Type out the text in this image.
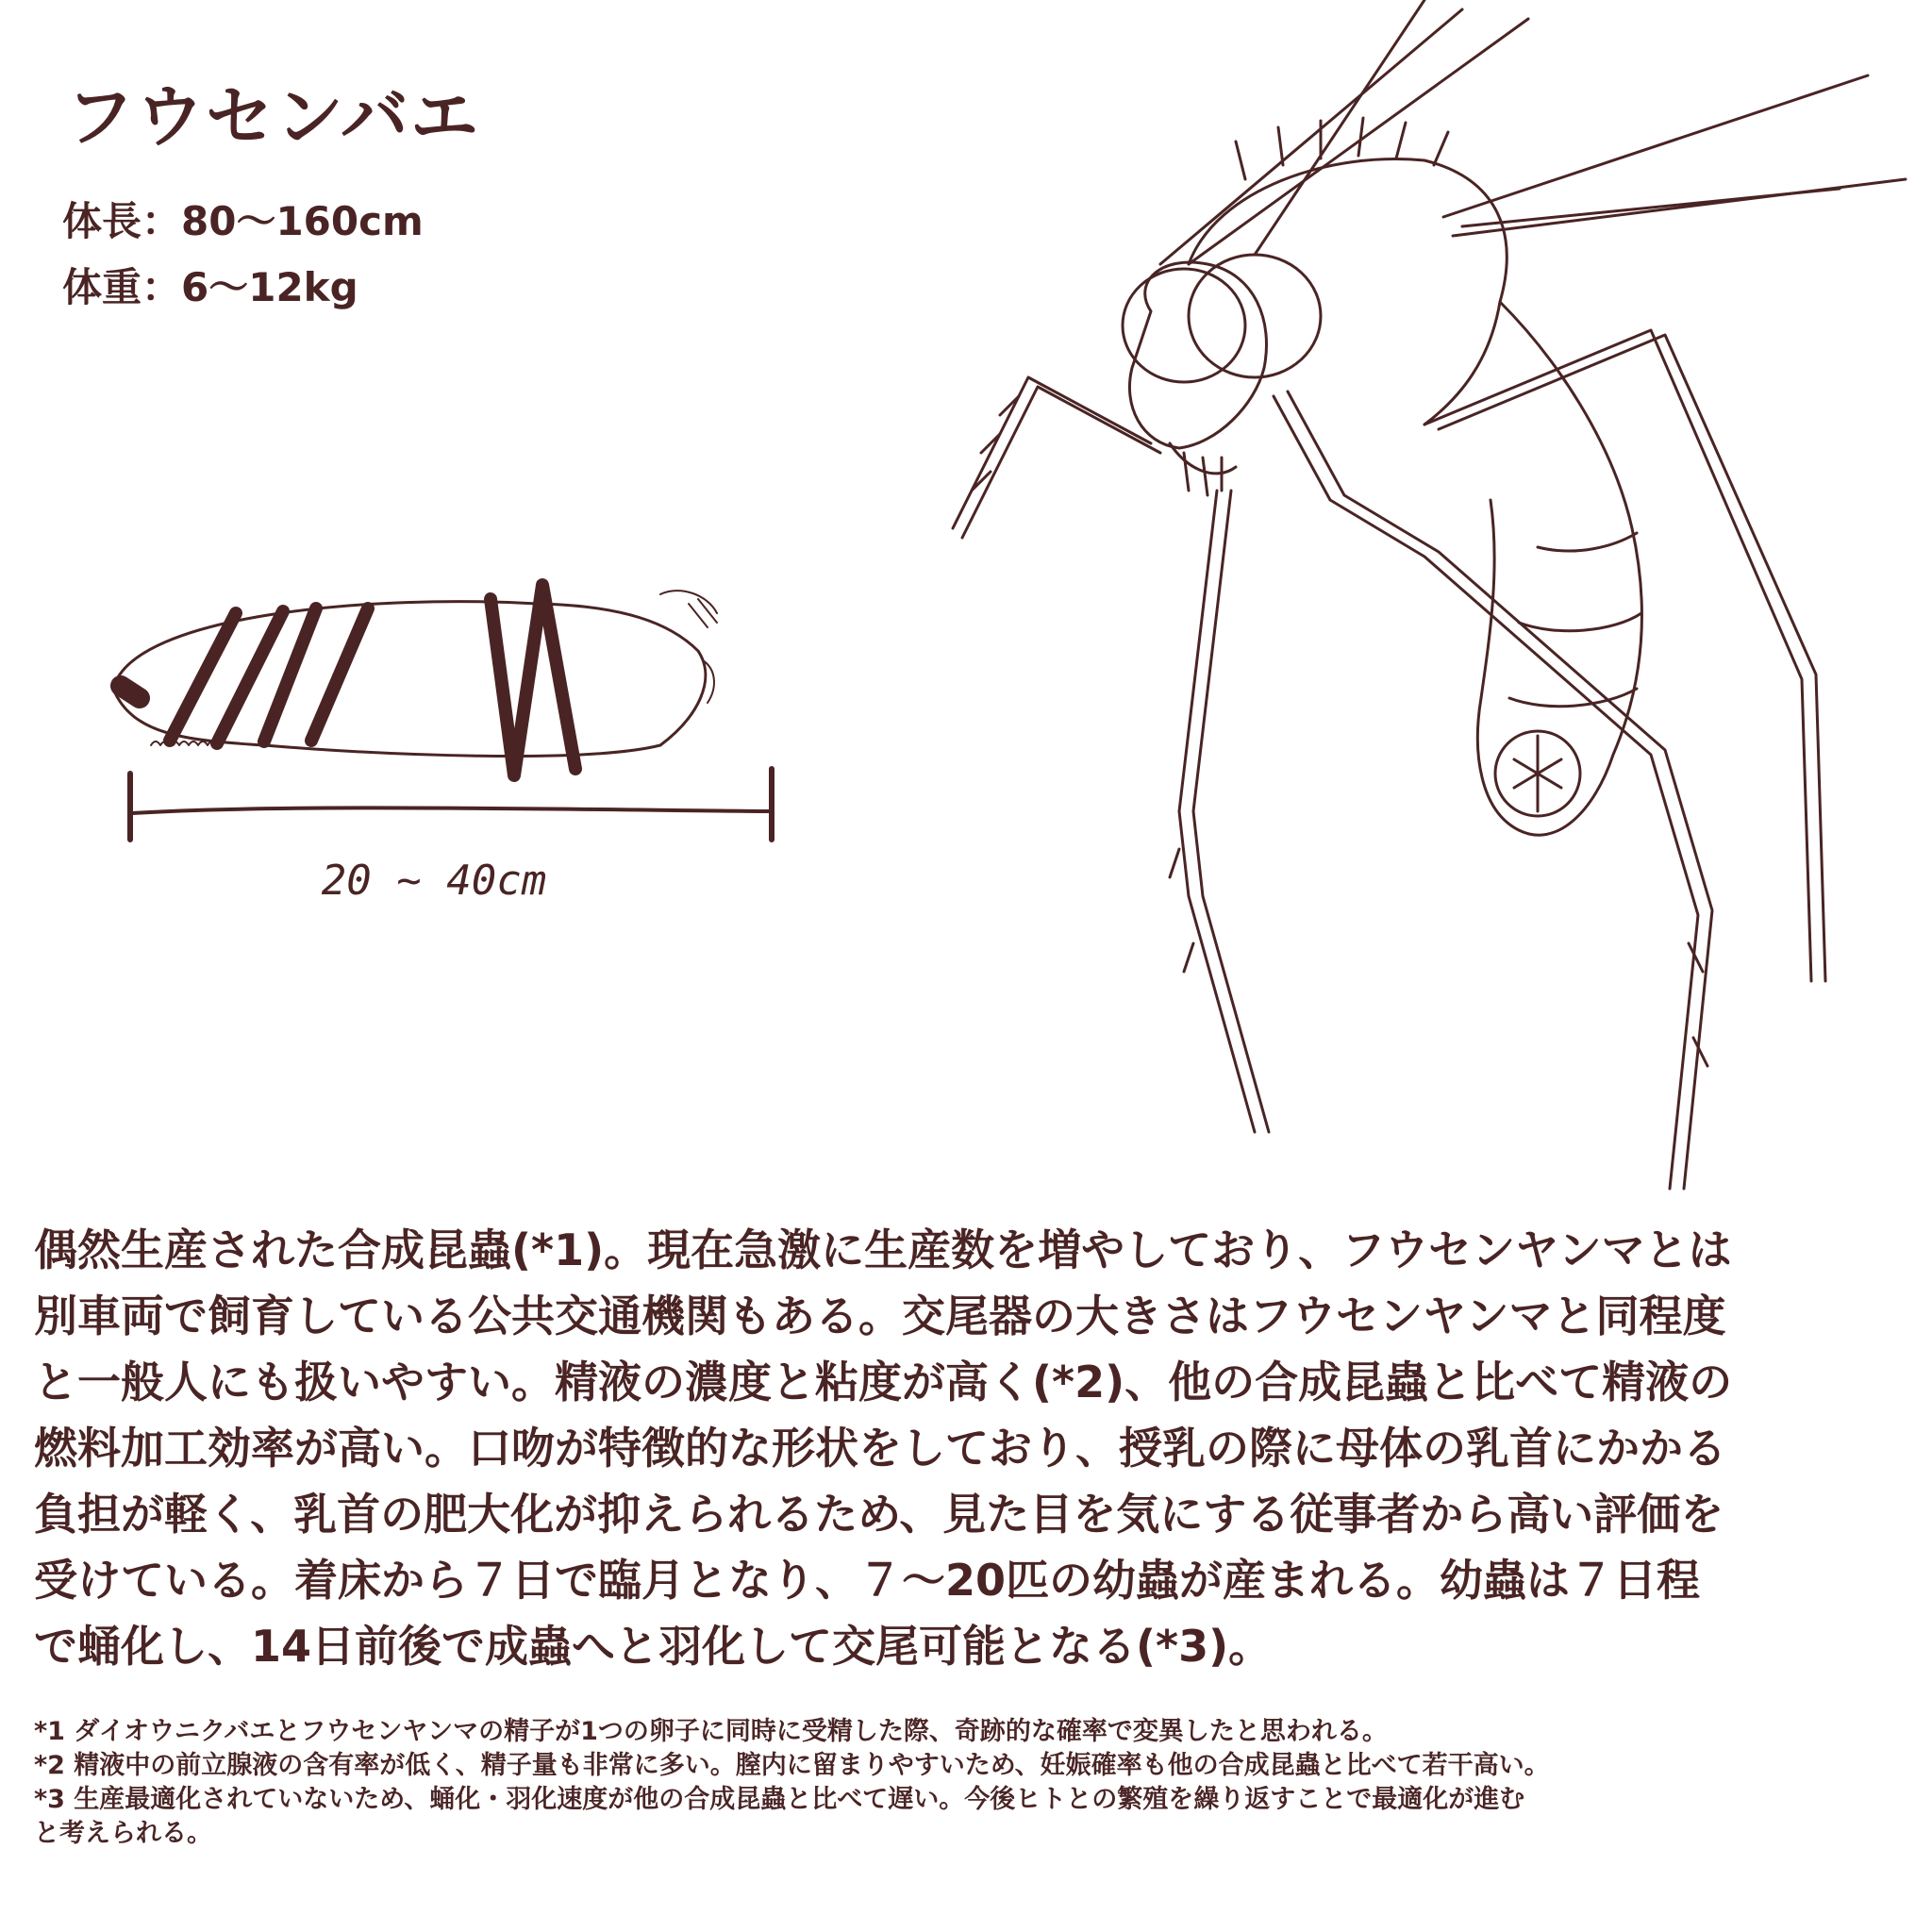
フウセンバエ
体長：80〜160cm
体重：6〜12kg
20 ~ 40cm
偶然生産された合成昆蟲(*1)。現在急激に生産数を増やしており、フウセンヤンマとは
別車両で飼育している公共交通機関もある。交尾器の大きさはフウセンヤンマと同程度
と一般人にも扱いやすい。精液の濃度と粘度が高く(*2)、他の合成昆蟲と比べて精液の
燃料加工効率が高い。口吻が特徴的な形状をしており、授乳の際に母体の乳首にかかる
負担が軽く、乳首の肥大化が抑えられるため、見た目を気にする従事者から高い評価を
受けている。着床から７日で臨月となり、７〜20匹の幼蟲が産まれる。幼蟲は７日程
で蛹化し、14日前後で成蟲へと羽化して交尾可能となる(*3)。
*1 ダイオウニクバエとフウセンヤンマの精子が1つの卵子に同時に受精した際、奇跡的な確率で変異したと思われる。
*2 精液中の前立腺液の含有率が低く、精子量も非常に多い。膣内に留まりやすいため、妊娠確率も他の合成昆蟲と比べて若干高い。
*3 生産最適化されていないため、蛹化・羽化速度が他の合成昆蟲と比べて遅い。今後ヒトとの繁殖を繰り返すことで最適化が進む
と考えられる。
